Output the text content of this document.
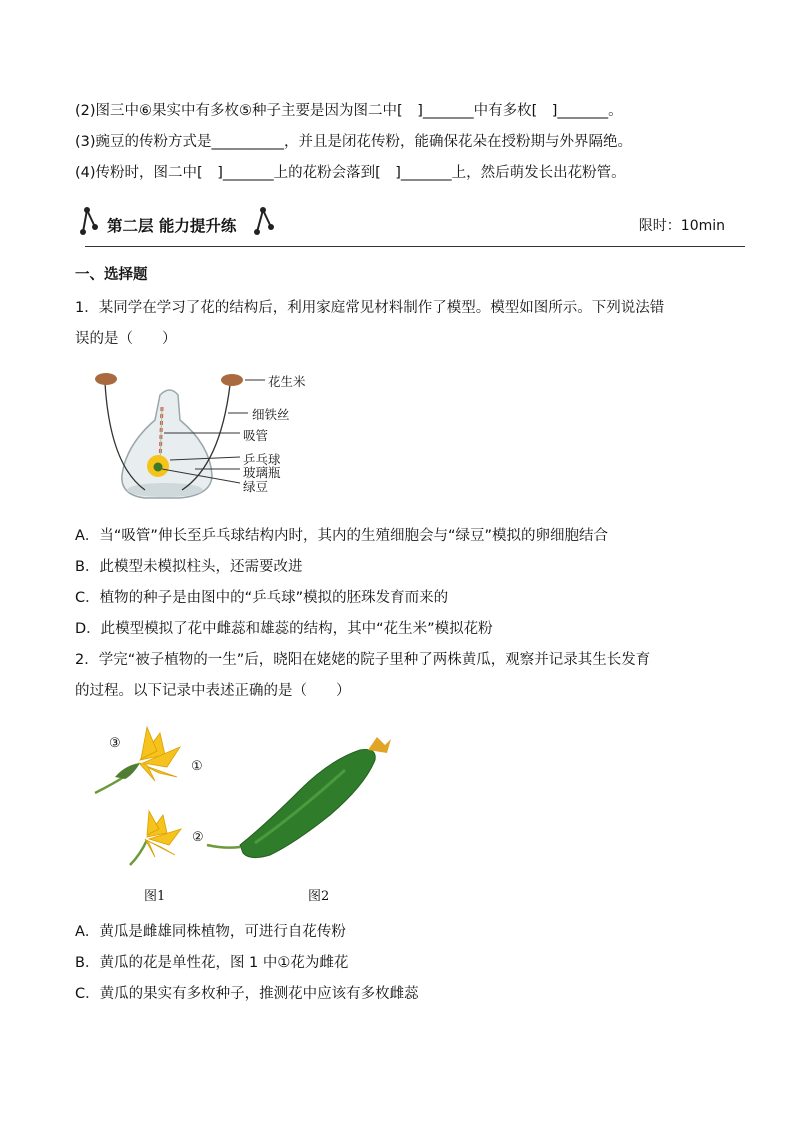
(2)图三中⑥果实中有多枚⑤种子主要是因为图二中[　]_______中有多枚[　]_______。
(3)豌豆的传粉方式是__________，并且是闭花传粉，能确保花朵在授粉期与外界隔绝。
(4)传粉时，图二中[　]_______上的花粉会落到[　]_______上，然后萌发长出花粉管。
第二层 能力提升练	限时：10min
一、选择题
1．某同学在学习了花的结构后，利用家庭常见材料制作了模型。模型如图所示。下列说法错
误的是（　　）
花生米
细铁丝
吸管
乒乓球
玻璃瓶
绿豆
A．当“吸管”伸长至乒乓球结构内时，其内的生殖细胞会与“绿豆”模拟的卵细胞结合
B．此模型未模拟柱头，还需要改进
C．植物的种子是由图中的“乒乓球”模拟的胚珠发育而来的
D．此模型模拟了花中雌蕊和雄蕊的结构，其中“花生米”模拟花粉
2．学完“被子植物的一生”后，晓阳在姥姥的院子里种了两株黄瓜，观察并记录其生长发育
的过程。以下记录中表述正确的是（　　）
③
①
②
图1	图2
A．黄瓜是雌雄同株植物，可进行自花传粉
B．黄瓜的花是单性花，图 1 中①花为雌花
C．黄瓜的果实有多枚种子，推测花中应该有多枚雌蕊
